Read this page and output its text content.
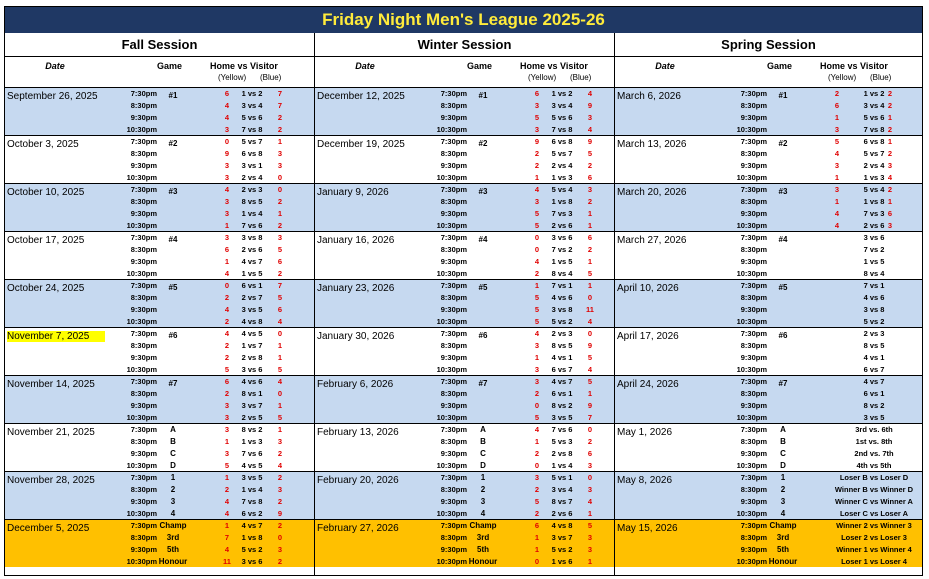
Friday Night Men's League 2025-26
Fall Session
Date	Game	Home vs Visitor
(Yellow) (Blue)
September 26, 2025	#1
7:30pm	6	1 vs 2	7
8:30pm	4	3 vs 4	7
9:30pm	4	5 vs 6	2
10:30pm	3	7 vs 8	2
October 3, 2025	#2
7:30pm	0	5 vs 7	1
8:30pm	9	6 vs 8	3
9:30pm	3	3 vs 1	3
10:30pm	3	2 vs 4	0
October 10, 2025	#3
7:30pm	4	2 vs 3	0
8:30pm	3	8 vs 5	2
9:30pm	3	1 vs 4	1
10:30pm	1	7 vs 6	2
October 17, 2025	#4
7:30pm	3	3 vs 8	3
8:30pm	6	2 vs 6	5
9:30pm	1	4 vs 7	6
10:30pm	4	1 vs 5	2
October 24, 2025	#5
7:30pm	0	6 vs 1	7
8:30pm	2	2 vs 7	5
9:30pm	4	3 vs 5	6
10:30pm	2	4 vs 8	4
November 7, 2025	#6
7:30pm	4	4 vs 5	0
8:30pm	2	1 vs 7	1
9:30pm	2	2 vs 8	1
10:30pm	5	3 vs 6	5
November 14, 2025	#7
7:30pm	6	4 vs 6	4
8:30pm	2	8 vs 1	0
9:30pm	3	3 vs 7	1
10:30pm	3	2 vs 5	5
November 21, 2025	7:30pm	A	3	8 vs 2	1
8:30pm	B	1	1 vs 3	3
9:30pm	C	3	7 vs 6	2
10:30pm	D	5	4 vs 5	4
November 28, 2025	7:30pm	1	1	3 vs 5	2
8:30pm	2	2	1 vs 4	3
9:30pm	3	4	7 vs 8	2
10:30pm	4	4	6 vs 2	9
December 5, 2025	7:30pm Champ	1	4 vs 7	2
8:30pm	3rd	7	1 vs 8	0
9:30pm	5th	4	5 vs 2	3
10:30pm Honour	11	3 vs 6	2
Winter Session
Date	Game	Home vs Visitor
(Yellow) (Blue)
December 12, 2025	#1
7:30pm	6	1 vs 2	4
8:30pm	3	3 vs 4	9
9:30pm	5	5 vs 6	3
10:30pm	3	7 vs 8	4
December 19, 2025	#2
7:30pm	9	6 vs 8	9
8:30pm	2	5 vs 7	5
9:30pm	2	2 vs 4	2
10:30pm	1	1 vs 3	6
January 9, 2026	#3
7:30pm	4	5 vs 4	3
8:30pm	3	1 vs 8	2
9:30pm	5	7 vs 3	1
10:30pm	5	2 vs 6	1
January 16, 2026	#4
7:30pm	0	3 vs 6	6
8:30pm	0	7 vs 2	2
9:30pm	4	1 vs 5	1
10:30pm	2	8 vs 4	5
January 23, 2026	#5
7:30pm	1	7 vs 1	1
8:30pm	5	4 vs 6	0
9:30pm	5	3 vs 8	11
10:30pm	5	5 vs 2	4
January 30, 2026	#6
7:30pm	4	2 vs 3	0
8:30pm	3	8 vs 5	9
9:30pm	1	4 vs 1	5
10:30pm	3	6 vs 7	4
February 6, 2026	#7
7:30pm	3	4 vs 7	5
8:30pm	2	6 vs 1	1
9:30pm	0	8 vs 2	9
10:30pm	5	3 vs 5	7
February 13, 2026	7:30pm	A	4	7 vs 6	0
8:30pm	B	1	5 vs 3	2
9:30pm	C	2	2 vs 8	6
10:30pm	D	0	1 vs 4	3
February 20, 2026	7:30pm	1	3	5 vs 1	0
8:30pm	2	2	3 vs 4	3
9:30pm	3	5	8 vs 7	4
10:30pm	4	2	2 vs 6	1
February 27, 2026	7:30pm Champ	6	4 vs 8	5
8:30pm	3rd	1	3 vs 7	3
9:30pm	5th	1	5 vs 2	3
10:30pm Honour	0	1 vs 6	1
Spring Session
Date	Game	Home vs Visitor
(Yellow) (Blue)
March 6, 2026	#1
7:30pm	2	1 vs 2 2
8:30pm	6	3 vs 4 2
9:30pm	1	5 vs 6 1
10:30pm	3	7 vs 8 2
March 13, 2026	#2
7:30pm	5	6 vs 8 1
8:30pm	4	5 vs 7 2
9:30pm	3	2 vs 4 3
10:30pm	1	1 vs 3 4
March 20, 2026	#3
7:30pm	3	5 vs 4 2
8:30pm	1	1 vs 8 1
9:30pm	4	7 vs 3 6
10:30pm	4	2 vs 6 3
March 27, 2026	#4
7:30pm	3 vs 6
8:30pm	7 vs 2
9:30pm	1 vs 5
10:30pm	8 vs 4
April 10, 2026	#5
7:30pm	7 vs 1
8:30pm	4 vs 6
9:30pm	3 vs 8
10:30pm	5 vs 2
April 17, 2026	#6
7:30pm	2 vs 3
8:30pm	8 vs 5
9:30pm	4 vs 1
10:30pm	6 vs 7
April 24, 2026	#7
7:30pm	4 vs 7
8:30pm	6 vs 1
9:30pm	8 vs 2
10:30pm	3 vs 5
May 1, 2026	7:30pm	A	3rd vs. 6th
8:30pm	B	1st vs. 8th
9:30pm	C	2nd vs. 7th
10:30pm	D	4th vs 5th
May 8, 2026	7:30pm	1	Loser B vs Loser D
8:30pm	2	Winner B vs Winner D
9:30pm	3	Winner C vs Winner A
10:30pm	4	Loser C vs Loser A
May 15, 2026	7:30pm Champ	Winner 2 vs Winner 3
8:30pm	3rd	Loser 2 vs Loser 3
9:30pm	5th	Winner 1 vs Winner 4
10:30pm Honour	Loser 1 vs Loser 4
